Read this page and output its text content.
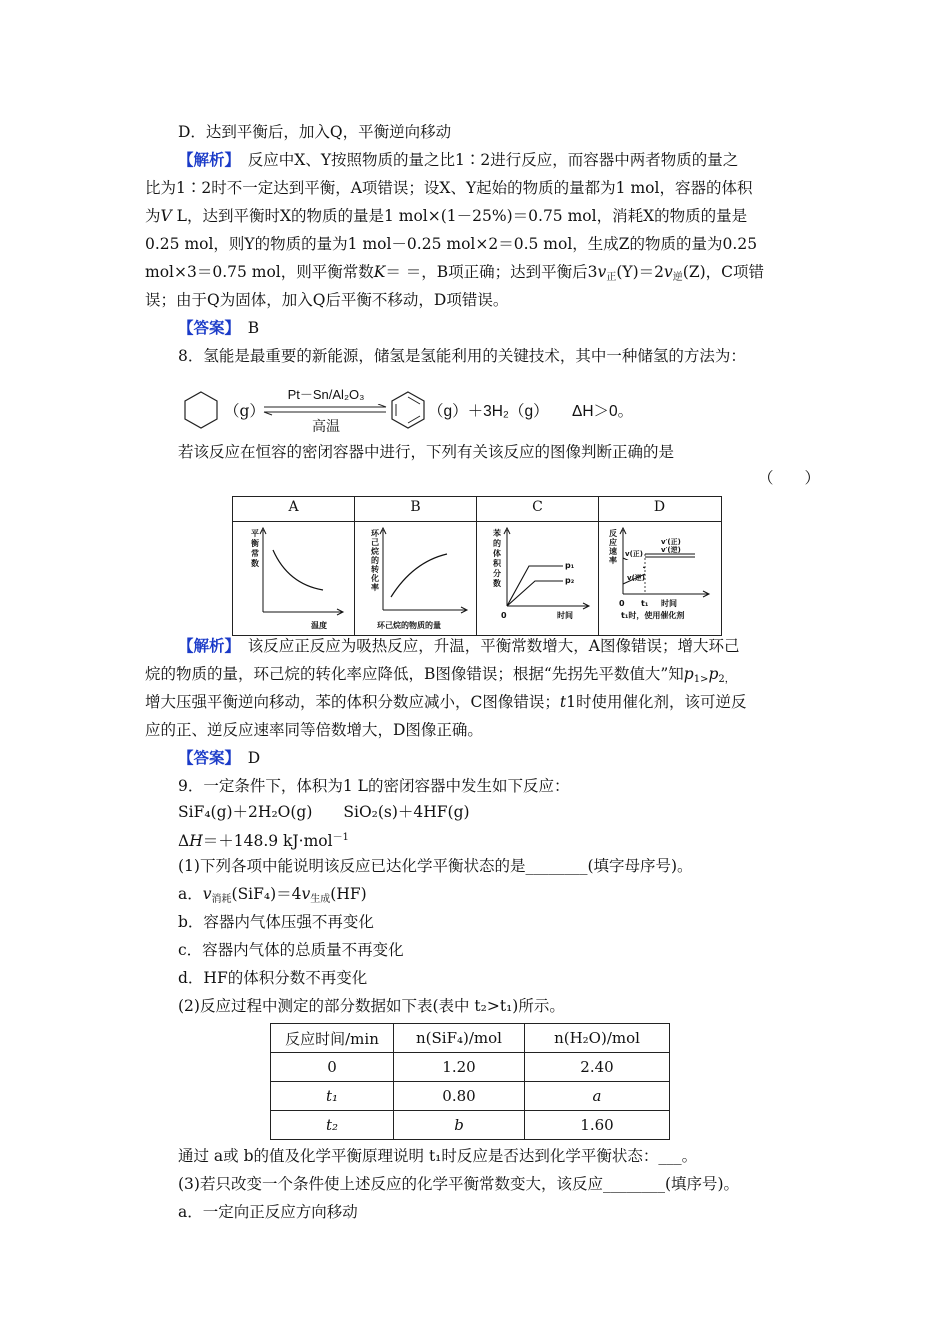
D．达到平衡后，加入Q，平衡逆向移动
【解析】　 反应中X、Y按照物质的量之比1∶2进行反应，而容器中两者物质的量之
比为1∶2时不一定达到平衡，A项错误；设X、Y起始的物质的量都为1 mol，容器的体积
为V L，达到平衡时X的物质的量是1 mol×(1－25%)＝0.75 mol，消耗X的物质的量是
0.25 mol，则Y的物质的量为1 mol－0.25 mol×2＝0.5 mol，生成Z的物质的量为0.25
mol×3＝0.75 mol，则平衡常数K＝ ＝，B项正确；达到平衡后$3v_正(Y)=2v_逆(Z)$，C项错
误；由于Q为固体，加入Q后平衡不移动，D项错误。
【答案】　 B
8．氢能是最重要的新能源，储氢是氢能利用的关键技术，其中一种储氢的方法为：
（g）
Pt－Sn/Al₂O₃
高温
（g）＋3H₂（g） ΔH＞0。
若该反应在恒容的密闭容器中进行，下列有关该反应的图像判断正确的是
（　　）
A	B	C	D
平衡常数
温度
环己烷的转化率
环己烷的物质的量
苯的体积分数
p₁
p₂
0	时间
反应速率
v(正)
v(逆)
v′(正)
v′(逆)
0 t₁ 时间
t₁时，使用催化剂
【解析】　 该反应正反应为吸热反应，升温，平衡常数增大，A图像错误；增大环己
烷的物质的量，环己烷的转化率应降低，B图像错误；根据“先拐先平数值大”知$p_{1>}p_{2,}$
增大压强平衡逆向移动，苯的体积分数应减小，C图像错误；t1时使用催化剂，该可逆反
应的正、逆反应速率同等倍数增大，D图像正确。
【答案】　 D
9．一定条件下，体积为1 L的密闭容器中发生如下反应：
SiF₄(g)＋2H₂O(g)　　SiO₂(s)＋4HF(g)
ΔH＝＋148.9 kJ·mol$^{-1}$
(1)下列各项中能说明该反应已达化学平衡状态的是________(填字母序号)。
a．$v_{消耗}(SiF_4)=4v_{生成}(HF)$
b．容器内气体压强不再变化
c．容器内气体的总质量不再变化
d．HF的体积分数不再变化
(2)反应过程中测定的部分数据如下表(表中 t₂>t₁)所示。
反应时间/min	n(SiF₄)/mol	n(H₂O)/mol
0	1.20	2.40
t₁	0.80	a
t₂	b	1.60
通过 a或 b的值及化学平衡原理说明 t₁时反应是否达到化学平衡状态：___。
(3)若只改变一个条件使上述反应的化学平衡常数变大，该反应________(填序号)。
a．一定向正反应方向移动
